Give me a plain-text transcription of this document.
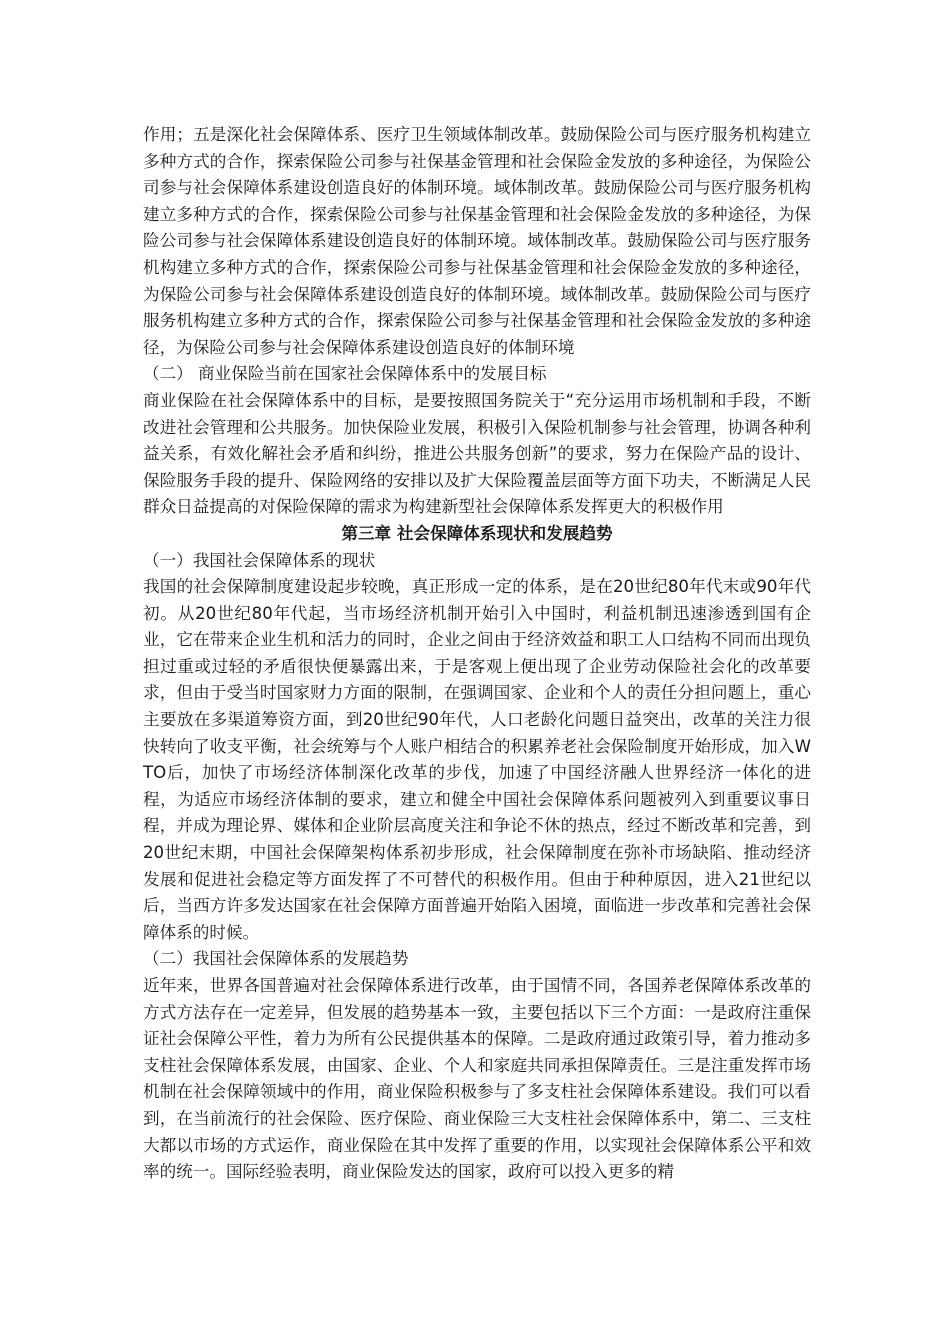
作用；五是深化社会保障体系、医疗卫生领域体制改革。鼓励保险公司与医疗服务机构建立多种方式的合作，探索保险公司参与社保基金管理和社会保险金发放的多种途径，为保险公司参与社会保障体系建设创造良好的体制环境。域体制改革。鼓励保险公司与医疗服务机构建立多种方式的合作，探索保险公司参与社保基金管理和社会保险金发放的多种途径，为保险公司参与社会保障体系建设创造良好的体制环境。域体制改革。鼓励保险公司与医疗服务机构建立多种方式的合作，探索保险公司参与社保基金管理和社会保险金发放的多种途径，为保险公司参与社会保障体系建设创造良好的体制环境。域体制改革。鼓励保险公司与医疗服务机构建立多种方式的合作，探索保险公司参与社保基金管理和社会保险金发放的多种途径，为保险公司参与社会保障体系建设创造良好的体制环境

（二） 商业保险当前在国家社会保障体系中的发展目标

商业保险在社会保障体系中的目标，是要按照国务院关于“充分运用市场机制和手段，不断改进社会管理和公共服务。加快保险业发展，积极引入保险机制参与社会管理，协调各种利益关系，有效化解社会矛盾和纠纷，推进公共服务创新”的要求，努力在保险产品的设计、保险服务手段的提升、保险网络的安排以及扩大保险覆盖层面等方面下功夫，不断满足人民群众日益提高的对保险保障的需求为构建新型社会保障体系发挥更大的积极作用

第三章 社会保障体系现状和发展趋势

（一）我国社会保障体系的现状

我国的社会保障制度建设起步较晚，真正形成一定的体系，是在20世纪80年代末或90年代初。从20世纪80年代起，当市场经济机制开始引入中国时，利益机制迅速渗透到国有企业，它在带来企业生机和活力的同时，企业之间由于经济效益和职工人口结构不同而出现负担过重或过轻的矛盾很快便暴露出来，于是客观上便出现了企业劳动保险社会化的改革要求，但由于受当时国家财力方面的限制，在强调国家、企业和个人的责任分担问题上，重心主要放在多渠道筹资方面，到20世纪90年代，人口老龄化问题日益突出，改革的关注力很快转向了收支平衡，社会统筹与个人账户相结合的积累养老社会保险制度开始形成，加入WTO后，加快了市场经济体制深化改革的步伐，加速了中国经济融人世界经济一体化的进程，为适应市场经济体制的要求，建立和健全中国社会保障体系问题被列入到重要议事日程，并成为理论界、媒体和企业阶层高度关注和争论不休的热点，经过不断改革和完善，到20世纪末期，中国社会保障架构体系初步形成，社会保障制度在弥补市场缺陷、推动经济发展和促进社会稳定等方面发挥了不可替代的积极作用。但由于种种原因，进入21世纪以后，当西方许多发达国家在社会保障方面普遍开始陷入困境，面临进一步改革和完善社会保障体系的时候。

（二）我国社会保障体系的发展趋势

近年来，世界各国普遍对社会保障体系进行改革，由于国情不同，各国养老保障体系改革的方式方法存在一定差异，但发展的趋势基本一致，主要包括以下三个方面：一是政府注重保证社会保障公平性，着力为所有公民提供基本的保障。二是政府通过政策引导，着力推动多支柱社会保障体系发展，由国家、企业、个人和家庭共同承担保障责任。三是注重发挥市场机制在社会保障领域中的作用，商业保险积极参与了多支柱社会保障体系建设。我们可以看到，在当前流行的社会保险、医疗保险、商业保险三大支柱社会保障体系中，第二、三支柱大都以市场的方式运作，商业保险在其中发挥了重要的作用，以实现社会保障体系公平和效率的统一。国际经验表明，商业保险发达的国家，政府可以投入更多的精
